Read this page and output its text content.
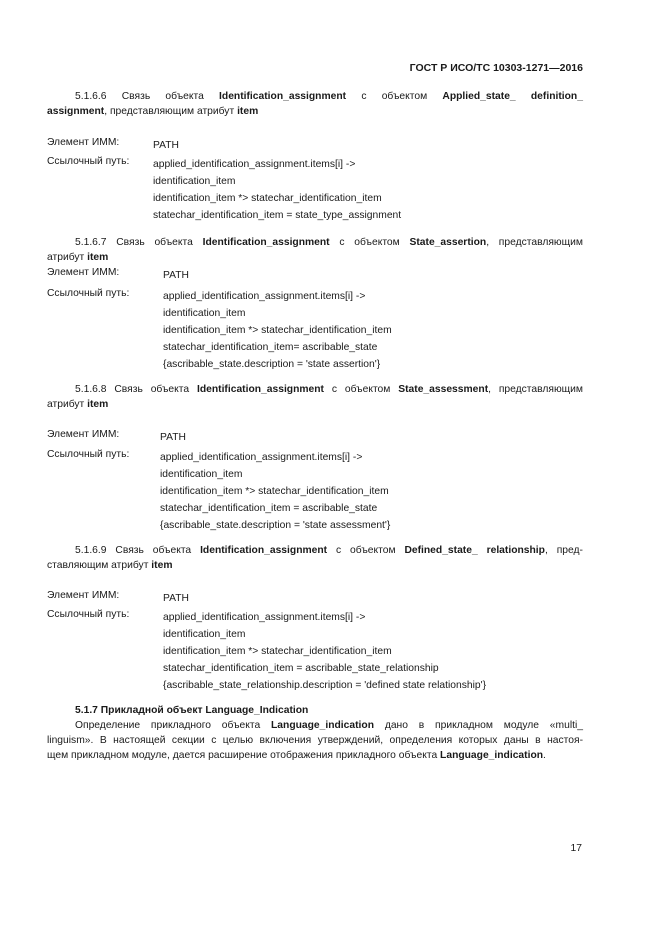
ГОСТ Р ИСО/ТС 10303-1271—2016
5.1.6.6 Связь объекта Identification_assignment с объектом Applied_state_ definition_
assignment, представляющим атрибут item
Элемент ИММ:	PATH
Ссылочный путь: applied_identification_assignment.items[i] ->
identification_item
identification_item *> statechar_identification_item
statechar_identification_item = state_type_assignment
5.1.6.7 Связь объекта Identification_assignment с объектом State_assertion, представляющим
атрибут item
Элемент ИММ:	PATH
Ссылочный путь:	applied_identification_assignment.items[i] ->
identification_item
identification_item *> statechar_identification_item
statechar_identification_item= ascribable_state
{ascribable_state.description = 'state assertion'}
5.1.6.8 Связь объекта Identification_assignment с объектом State_assessment, представляющим
атрибут item
Элемент ИММ:	PATH
Ссылочный путь:	applied_identification_assignment.items[i] ->
identification_item
identification_item *> statechar_identification_item
statechar_identification_item = ascribable_state
{ascribable_state.description = 'state assessment'}
5.1.6.9 Связь объекта Identification_assignment с объектом Defined_state_ relationship, пред-
ставляющим атрибут item
Элемент ИММ:	PATH
Ссылочный путь:	applied_identification_assignment.items[i] ->
identification_item
identification_item *> statechar_identification_item
statechar_identification_item = ascribable_state_relationship
{ascribable_state_relationship.description = 'defined state relationship'}
5.1.7 Прикладной объект Language_Indication
Определение прикладного объекта Language_indication дано в прикладном модуле «multi_
linguism». В настоящей секции с целью включения утверждений, определения которых даны в настоя-
щем прикладном модуле, дается расширение отображения прикладного объекта Language_indication.
17
